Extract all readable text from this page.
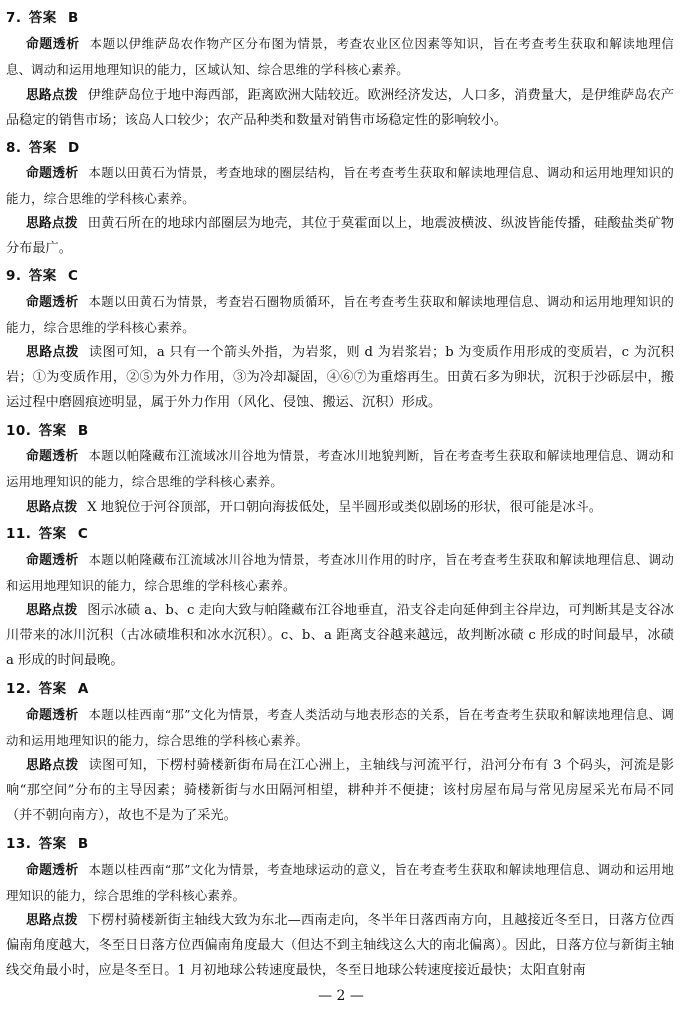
7. 答案 B

命题透析 本题以伊维萨岛农作物产区分布图为情景，考查农业区位因素等知识，旨在考查考生获取和解读地理信息、调动和运用地理知识的能力，区域认知、综合思维的学科核心素养。

思路点拨 伊维萨岛位于地中海西部，距离欧洲大陆较近。欧洲经济发达，人口多，消费量大，是伊维萨岛农产品稳定的销售市场；该岛人口较少；农产品种类和数量对销售市场稳定性的影响较小。

8. 答案 D

命题透析 本题以田黄石为情景，考查地球的圈层结构，旨在考查考生获取和解读地理信息、调动和运用地理知识的能力，综合思维的学科核心素养。

思路点拨 田黄石所在的地球内部圈层为地壳，其位于莫霍面以上，地震波横波、纵波皆能传播，硅酸盐类矿物分布最广。

9. 答案 C

命题透析 本题以田黄石为情景，考查岩石圈物质循环，旨在考查考生获取和解读地理信息、调动和运用地理知识的能力，综合思维的学科核心素养。

思路点拨 读图可知，a 只有一个箭头外指，为岩浆，则 d 为岩浆岩；b 为变质作用形成的变质岩，c 为沉积岩；①为变质作用，②⑤为外力作用，③为冷却凝固，④⑥⑦为重熔再生。田黄石多为卵状，沉积于沙砾层中，搬运过程中磨圆痕迹明显，属于外力作用（风化、侵蚀、搬运、沉积）形成。

10. 答案 B

命题透析 本题以帕隆藏布江流域冰川谷地为情景，考查冰川地貌判断，旨在考查考生获取和解读地理信息、调动和运用地理知识的能力，综合思维的学科核心素养。

思路点拨 X 地貌位于河谷顶部，开口朝向海拔低处，呈半圆形或类似剧场的形状，很可能是冰斗。

11. 答案 C

命题透析 本题以帕隆藏布江流域冰川谷地为情景，考查冰川作用的时序，旨在考查考生获取和解读地理信息、调动和运用地理知识的能力，综合思维的学科核心素养。

思路点拨 图示冰碛 a、b、c 走向大致与帕隆藏布江谷地垂直，沿支谷走向延伸到主谷岸边，可判断其是支谷冰川带来的冰川沉积（古冰碛堆积和冰水沉积）。c、b、a 距离支谷越来越远，故判断冰碛 c 形成的时间最早，冰碛 a 形成的时间最晚。

12. 答案 A

命题透析 本题以桂西南“那”文化为情景，考查人类活动与地表形态的关系，旨在考查考生获取和解读地理信息、调动和运用地理知识的能力，综合思维的学科核心素养。

思路点拨 读图可知，下楞村骑楼新街布局在江心洲上，主轴线与河流平行，沿河分布有 3 个码头，河流是影响“那空间”分布的主导因素；骑楼新街与水田隔河相望，耕种并不便捷；该村房屋布局与常见房屋采光布局不同（并不朝向南方），故也不是为了采光。

13. 答案 B

命题透析 本题以桂西南“那”文化为情景，考查地球运动的意义，旨在考查考生获取和解读地理信息、调动和运用地理知识的能力，综合思维的学科核心素养。

思路点拨 下楞村骑楼新街主轴线大致为东北—西南走向，冬半年日落西南方向，且越接近冬至日，日落方位西偏南角度越大，冬至日日落方位西偏南角度最大（但达不到主轴线这么大的南北偏离）。因此，日落方位与新街主轴线交角最小时，应是冬至日。1 月初地球公转速度最快，冬至日地球公转速度接近最快；太阳直射南

— 2 —
